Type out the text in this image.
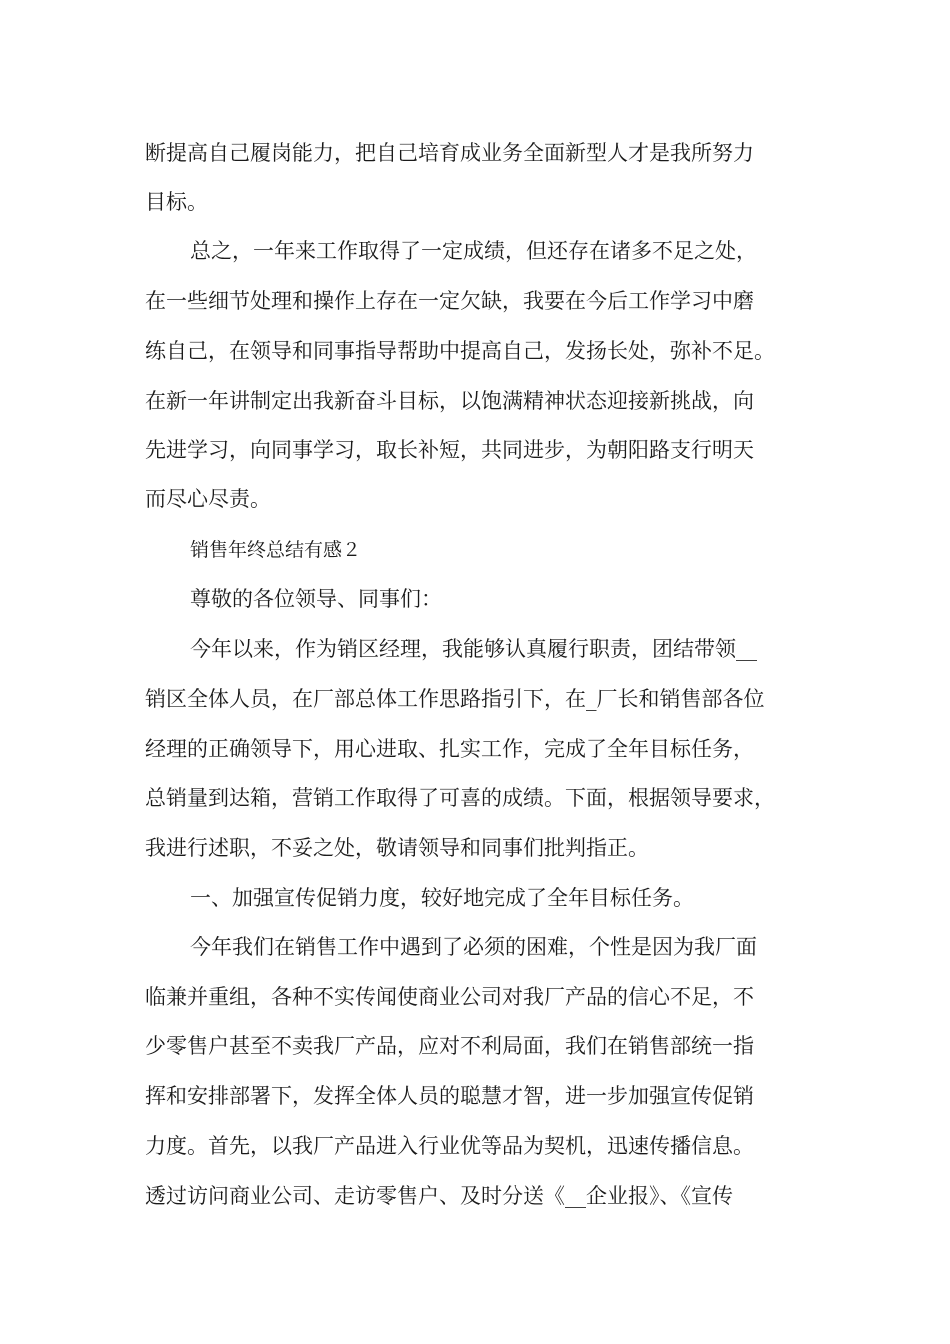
断提高自己履岗能力，把自己培育成业务全面新型人才是我所努力

目标。

总之，一年来工作取得了一定成绩，但还存在诸多不足之处，

在一些细节处理和操作上存在一定欠缺，我要在今后工作学习中磨

练自己，在领导和同事指导帮助中提高自己，发扬长处，弥补不足。

在新一年讲制定出我新奋斗目标，以饱满精神状态迎接新挑战，向

先进学习，向同事学习，取长补短，共同进步，为朝阳路支行明天

而尽心尽责。

销售年终总结有感２

尊敬的各位领导、同事们：

今年以来，作为销区经理，我能够认真履行职责，团结带领__

销区全体人员，在厂部总体工作思路指引下，在_厂长和销售部各位

经理的正确领导下，用心进取、扎实工作，完成了全年目标任务，

总销量到达箱，营销工作取得了可喜的成绩。下面，根据领导要求，

我进行述职，不妥之处，敬请领导和同事们批判指正。

一、加强宣传促销力度，较好地完成了全年目标任务。

今年我们在销售工作中遇到了必须的困难，个性是因为我厂面

临兼并重组，各种不实传闻使商业公司对我厂产品的信心不足，不

少零售户甚至不卖我厂产品，应对不利局面，我们在销售部统一指

挥和安排部署下，发挥全体人员的聪慧才智，进一步加强宣传促销

力度。首先，以我厂产品进入行业优等品为契机，迅速传播信息。

透过访问商业公司、走访零售户、及时分送《__企业报》、《宣传
